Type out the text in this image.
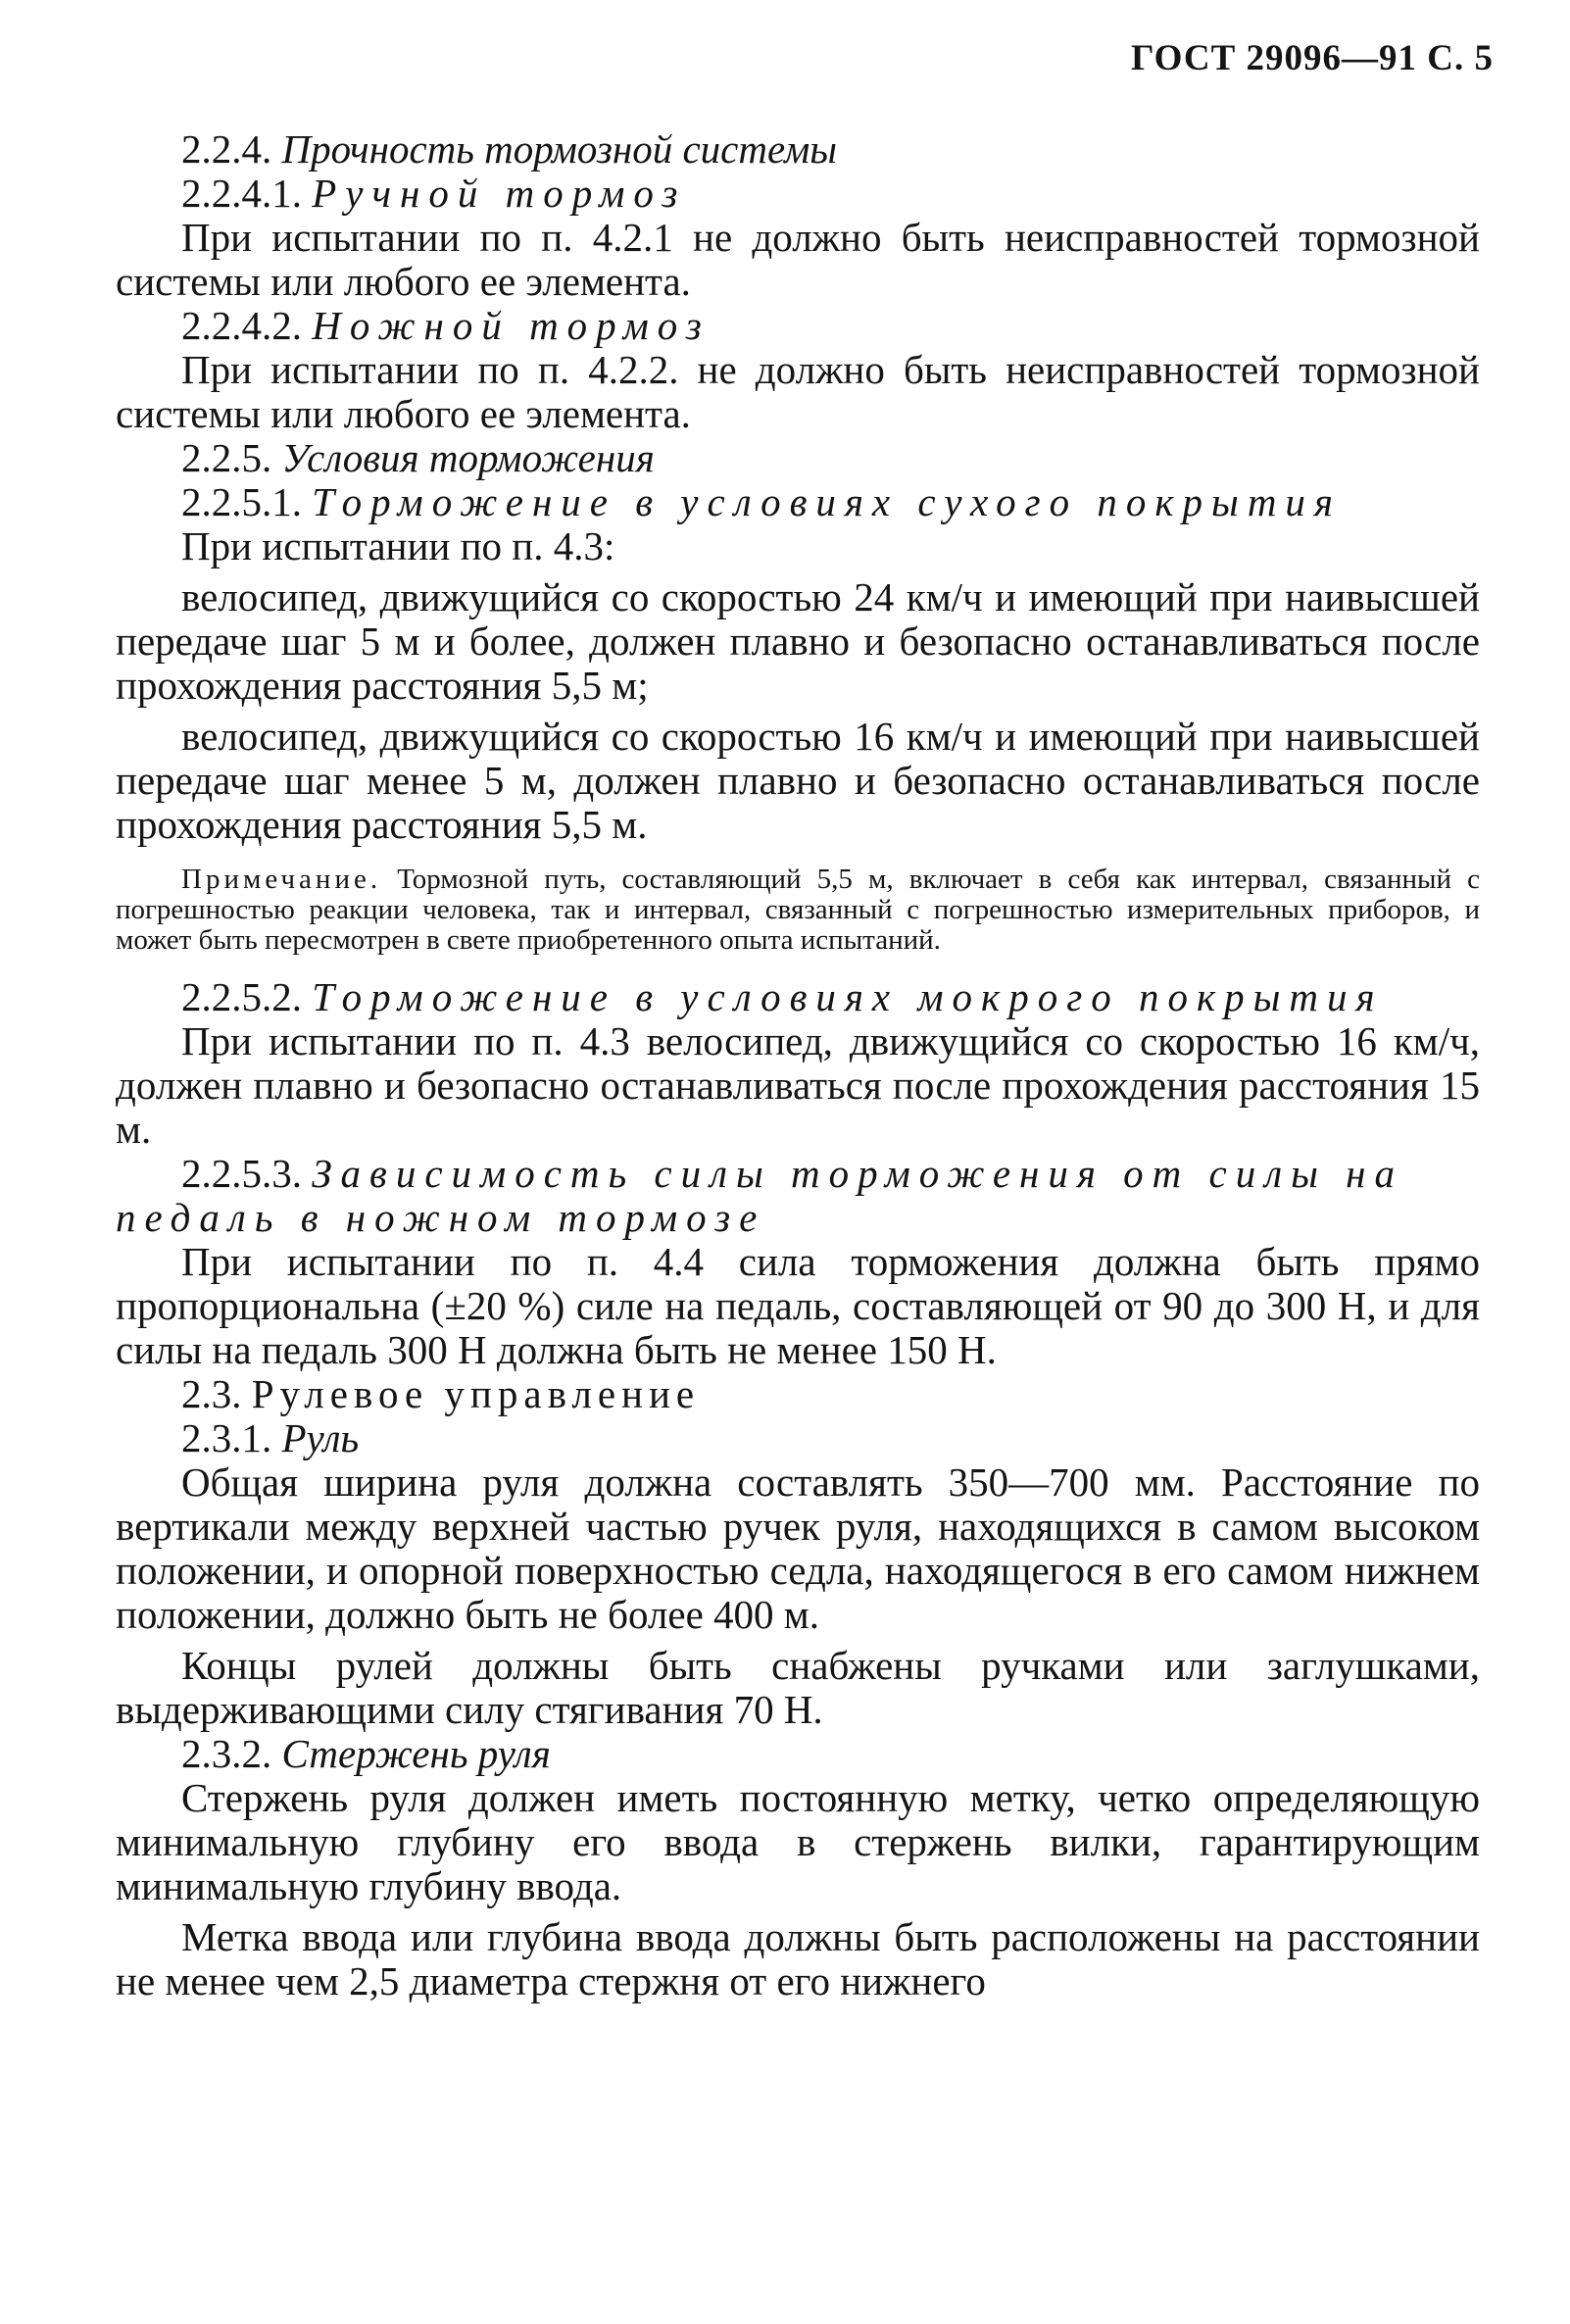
ГОСТ 29096—91 С. 5
2.2.4. Прочность тормозной системы
2.2.4.1. Ручной тормоз

При испытании по п. 4.2.1 не должно быть неисправностей тормозной системы или любого ее элемента.

2.2.4.2. Ножной тормоз

При испытании по п. 4.2.2. не должно быть неисправностей тормозной системы или любого ее элемента.

2.2.5. Условия торможения
2.2.5.1. Торможение в условиях сухого покрытия

При испытании по п. 4.3:

велосипед, движущийся со скоростью 24 км/ч и имеющий при наивысшей передаче шаг 5 м и более, должен плавно и безопасно останавливаться после прохождения расстояния 5,5 м;

велосипед, движущийся со скоростью 16 км/ч и имеющий при наивысшей передаче шаг менее 5 м, должен плавно и безопасно останавливаться после прохождения расстояния 5,5 м.

Примечание. Тормозной путь, составляющий 5,5 м, включает в себя как интервал, связанный с погрешностью реакции человека, так и интервал, связанный с погрешностью измерительных приборов, и может быть пересмотрен в свете приобретенного опыта испытаний.

2.2.5.2. Торможение в условиях мокрого покрытия

При испытании по п. 4.3 велосипед, движущийся со скоростью 16 км/ч, должен плавно и безопасно останавливаться после прохождения расстояния 15 м.

2.2.5.3. Зависимость силы торможения от силы на педаль в ножном тормозе

При испытании по п. 4.4 сила торможения должна быть прямо пропорциональна (±20 %) силе на педаль, составляющей от 90 до 300 Н, и для силы на педаль 300 Н должна быть не менее 150 Н.

2.3. Рулевое управление
2.3.1. Руль

Общая ширина руля должна составлять 350—700 мм. Расстояние по вертикали между верхней частью ручек руля, находящихся в самом высоком положении, и опорной поверхностью седла, находящегося в его самом нижнем положении, должно быть не более 400 м.

Концы рулей должны быть снабжены ручками или заглушками, выдерживающими силу стягивания 70 Н.

2.3.2. Стержень руля

Стержень руля должен иметь постоянную метку, четко определяющую минимальную глубину его ввода в стержень вилки, гарантирующим минимальную глубину ввода.

Метка ввода или глубина ввода должны быть расположены на расстоянии не менее чем 2,5 диаметра стержня от его нижнего
